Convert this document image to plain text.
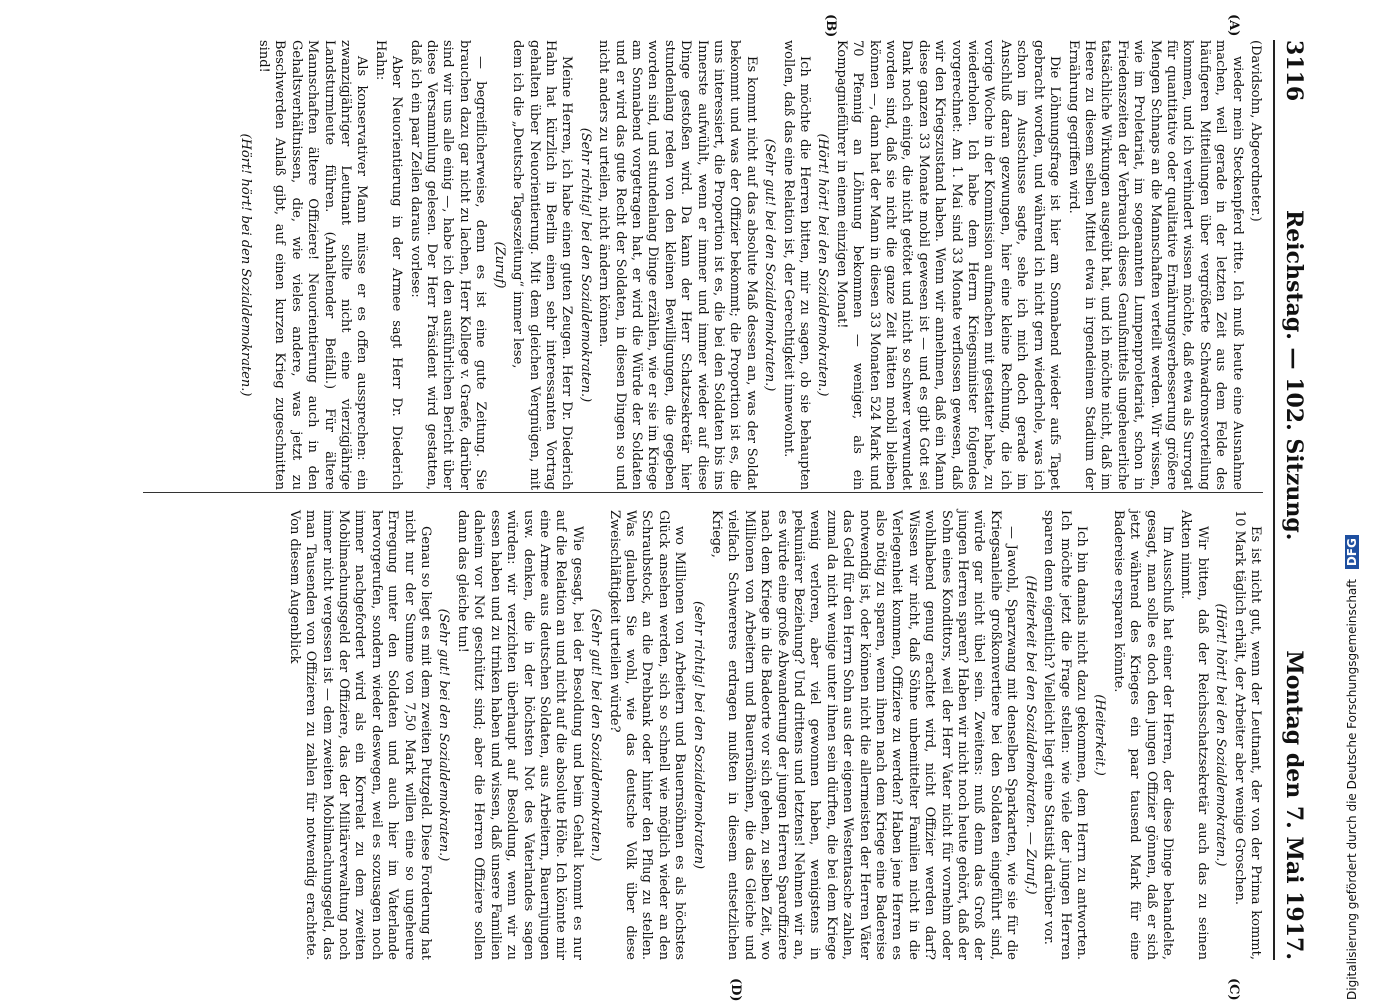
3116
Reichstag. — 102. Sitzung.
Montag den 7. Mai 1917.
(A)
(B)
(C)
(D)

(Davidsohn, Abgeordneter.)

wieder mein Steckenpferd ritte. Ich muß heute eine Ausnahme machen, weil gerade in der letzten Zeit aus dem Felde des häufigeren Mitteilungen über vergrößerte Schwadronsvorteilung kommen, und ich verhindert wissen möchte, daß etwa als Surrogat für quantitative oder qualitative Ernährungsverbesserung größere Mengen Schnaps an die Mannschaften verteilt werden. Wir wissen, wie im Proletariat, im sogenannten Lumpenproletariat, schon in Friedenszeiten der Verbrauch dieses Genußmittels ungeheuerliche tatsächliche Wirkungen ausgeübt hat, und ich möchte nicht, daß im Heere zu diesem selben Mittel etwa in irgendeinem Stadium der Ernährung gegriffen wird.

Die Löhnungsfrage ist hier am Sonnabend wieder aufs Tapet gebracht worden, und während ich nicht gern wiederhole, was ich schon im Ausschusse sagte, sehe ich mich doch gerade im Anschluß daran gezwungen, hier eine kleine Rechnung, die ich vorige Woche in der Kommission aufmachen mit gestatter habe, zu wiederholen. Ich habe dem Herrn Kriegsminister folgendes vorgerechnet: Am 1. Mai sind 33 Monate verflossen gewesen, daß wir den Kriegszustand haben. Wenn wir annehmen, daß ein Mann diese ganzen 33 Monate mobil gewesen ist — und es gibt Gott sei Dank noch einige, die nicht getötet und nicht so schwer verwundet worden sind, daß sie nicht die ganze Zeit hätten mobil bleiben können —, dann hat der Mann in diesen 33 Monaten 524 Mark und 70 Pfennig an Löhnung bekommen — weniger, als ein Kompagnieführer in einem einzigen Monat!

(Hört! hört! bei den Sozialdemokraten.)

Ich möchte die Herren bitten, mir zu sagen, ob sie behaupten wollen, daß das eine Relation ist, der Gerechtigkeit innewohnt.

(Sehr gut! bei den Sozialdemokraten.)

Es kommt nicht auf das absolute Maß dessen an, was der Soldat bekommt und was der Offizier bekommt; die Proportion ist es, die uns interessiert, die Proportion ist es, die bei den Soldaten bis ins Innerste aufwühlt, wenn er immer und immer wieder auf diese Dinge gestoßen wird. Da kann der Herr Schatzsekretär hier stundenlang reden von den kleinen Bewilligungen, die gegeben worden sind, und stundenlang Dinge erzählen, wie er sie im Kriege am Sonnabend vorgetragen hat, er wird die Würde der Soldaten und er wird das gute Recht der Soldaten, in diesen Dingen so und nicht anders zu urteilen, nicht ändern können.

(Sehr richtig! bei den Sozialdemokraten.)

Meine Herren, ich habe einen guten Zeugen. Herr Dr. Diederich Hahn hat kürzlich in Berlin einen sehr interessanten Vortrag gehalten über Neuorientierung. Mit dem gleichen Vergnügen, mit dem ich die „Deutsche Tageszeitung“ immer lese,

(Zuruf)

— begreiflicherweise, denn es ist eine gute Zeitung. Sie brauchen dazu gar nicht zu lachen, Herr Kollege v. Graefe, darüber sind wir uns alle einig —, habe ich den ausführlichen Bericht über diese Versammlung gelesen. Der Herr Präsident wird gestatten, daß ich ein paar Zeilen daraus vorlese:

Aber Neuorientierung in der Armee sagt Herr Dr. Diederich Hahn:

Als konservativer Mann müsse er es offen aussprechen: ein zwanzigjähriger Leutnant sollte nicht eine vierzigjährige Landsturmleute führen. (Anhaltender Beifall.) Für ältere Mannschaften ältere Offiziere! Neuorientierung auch in den Gehaltsverhältnissen, die, wie vieles andere, was jetzt zu Beschwerden Anlaß gibt, auf einen kurzen Krieg zugeschnitten sind!

(Hört! hört! bei den Sozialdemokraten.)

Es ist nicht gut, wenn der Leutnant, der von der Prima kommt, 10 Mark täglich erhält, der Arbeiter aber wenige Groschen.

(Hört! hört! bei den Sozialdemokraten.)

Wir bitten, daß der Reichsschatzsekretär auch das zu seinen Akten nimmt.

Im Ausschuß hat einer der Herren, der diese Dinge behandelte, gesagt, man solle es doch den jungen Offizier gönnen, daß er sich jetzt während des Krieges ein paar tausend Mark für eine Badereise ersparen könnte.

(Heiterkeit.)

Ich bin damals nicht dazu gekommen, dem Herrn zu antworten. Ich möchte jetzt die Frage stellen: wie viele der jungen Herren sparen denn eigentlich? Vielleicht liegt eine Statistik darüber vor.

(Heiterkeit bei den Sozialdemokraten. — Zuruf.)

— Jawohl, Sparzwang mit denselben Sparkarten, wie sie für die Kriegsanleihe großkonvertiere bei den Soldaten eingeführt sind, würde gar nicht übel sein. Zweitens: muß denn das Groß der jungen Herren sparen? Haben wir nicht noch heute gehört, daß der Sohn eines Kondittors, weil der Herr Vater nicht für vornehm oder wohlhabend genug erachtet wird, nicht Offizier werden darf? Wissen wir nicht, daß Söhne unbemittelter Familien nicht in die Verlegenheit kommen, Offiziere zu werden? Haben jene Herren es also nötig zu sparen, wenn ihnen nach dem Kriege eine Badereise notwendig ist, oder können nicht die allermeisten der Herren Väter das Geld für den Herrn Sohn aus der eigenen Westentasche zahlen, zumal da nicht wenige unter ihnen sein dürften, die bei dem Kriege wenig verloren, aber viel gewonnen haben, wenigstens in pekuniärer Beziehung? Und drittens und letztens! Nehmen wir an, es würde eine große Abwanderung der jungen Herren Sparoffiziere nach dem Kriege in die Badeorte vor sich gehen, zu selben Zeit, wo Millionen von Arbeitern und Bauernsöhnen, die das Gleiche und vielfach Schwereres erdragen mußten in diesem entsetzlichen Kriege,

(sehr richtig! bei den Sozialdemokraten)

wo Millionen von Arbeitern und Bauernsöhnen es als höchstes Glück ansehen werden, sich so schnell wie möglich wieder an den Schraubstock, an die Drehbank oder hinter den Pflug zu stellen. Was glauben Sie wohl, wie das deutsche Volk über diese Zweischläftigkeit urteilen würde?

(Sehr gut! bei den Sozialdemokraten.)

Wie gesagt, bei der Besoldung und beim Gehalt kommt es nur auf die Relation an und nicht auf die absolute Höhe. Ich könnte mir eine Armee aus deutschen Soldaten, aus Arbeitern, Bauernjungen usw. denken, die in der höchsten Not des Vaterlandes sagen würden: wir verzichten überhaupt auf Besoldung, wenn wir zu essen haben und zu trinken haben und wissen, daß unsere Familien daheim vor Not geschützt sind; aber die Herren Offiziere sollen dann das gleiche tun!

(Sehr gut! bei den Sozialdemokraten.)

Genau so liegt es mit dem zweiten Putzgeld. Diese Forderung hat nicht nur der Summe von 7,50 Mark willen eine so ungeheure Erregung unter den Soldaten und auch hier im Vaterlande hervorgerufen, sondern wieder deswegen, weil es sozusagen noch immer nachgefordert wird als ein Korrelat zu dem zweiten Mobilmachungsgeld der Offiziere, das der Militärverwaltung noch immer nicht vergessen ist — dem zweiten Mobilmachungsgeld, das man Tausenden von Offizieren zu zahlen für notwendig erachtete. Von diesem Augenblick	Digitalisierung gefördert durch die Deutsche Forschungsgemeinschaft DFG
